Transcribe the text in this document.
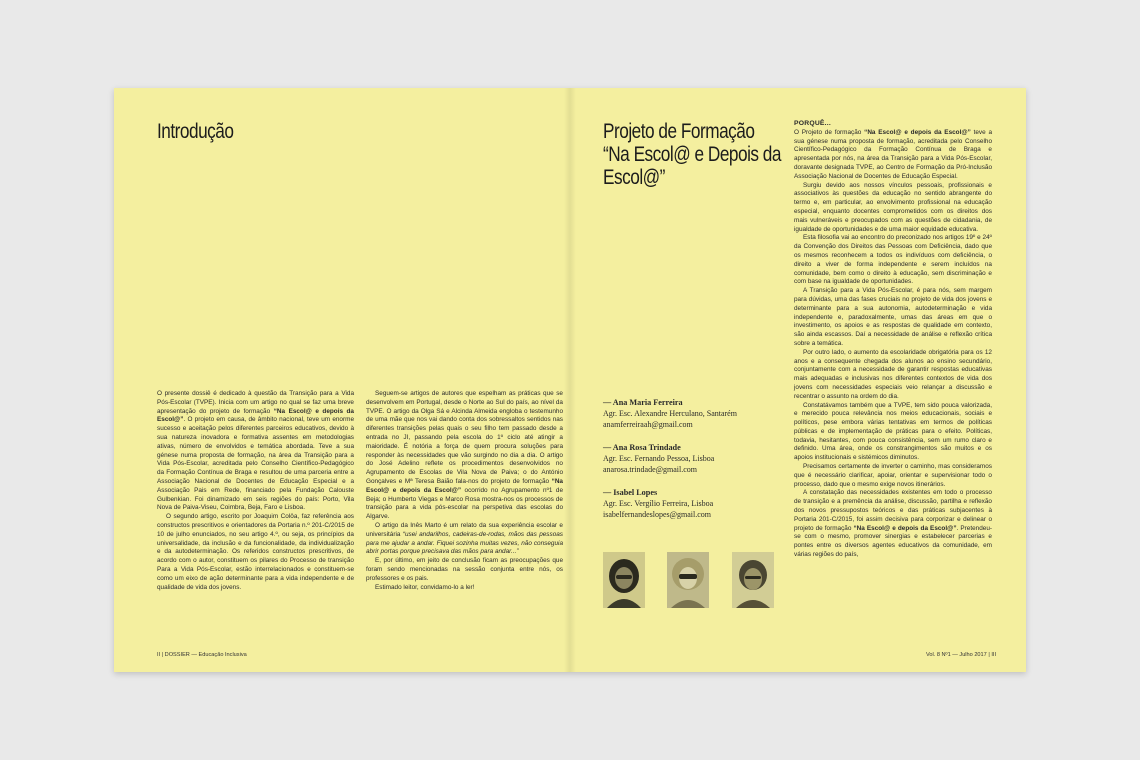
Introdução

O presente dossiê é dedicado à questão da Transição para a Vida Pós-Escolar (TVPE). Inicia com um artigo no qual se faz uma breve apresentação do projeto de formação “Na Escol@ e depois da Escol@”. O projeto em causa, de âmbito nacional, teve um enorme sucesso e aceitação pelos diferentes parceiros educativos, devido à sua natureza inovadora e formativa assentes em metodologias ativas, número de envolvidos e temática abordada. Teve a sua génese numa proposta de formação, na área da Transição para a Vida Pós-Escolar, acreditada pelo Conselho Científico-Pedagógico da Formação Contínua de Braga e resultou de uma parceria entre a Associação Nacional de Docentes de Educação Especial e a Associação Pais em Rede, financiado pela Fundação Calouste Gulbenkian. Foi dinamizado em seis regiões do país: Porto, Vila Nova de Paiva-Viseu, Coimbra, Beja, Faro e Lisboa.

O segundo artigo, escrito por Joaquim Colôa, faz referência aos constructos prescritivos e orientadores da Portaria n.º 201-C/2015 de 10 de julho enunciados, no seu artigo 4.º, ou seja, os princípios da universalidade, da inclusão e da funcionalidade, da individualização e da autodeterminação. Os referidos constructos prescritivos, de acordo com o autor, constituem os pilares do Processo de transição Para a Vida Pós-Escolar, estão interrelacionados e constituem-se como um eixo de ação determinante para a vida independente e de qualidade de vida dos jovens.

Seguem-se artigos de autores que espelham as práticas que se desenvolvem em Portugal, desde o Norte ao Sul do país, ao nível da TVPE. O artigo da Olga Sá e Alcinda Almeida engloba o testemunho de uma mãe que nos vai dando conta dos sobressaltos sentidos nas diferentes transições pelas quais o seu filho tem passado desde a entrada no JI, passando pela escola do 1º ciclo até atingir a maioridade. É notória a força de quem procura soluções para responder às necessidades que vão surgindo no dia a dia. O artigo do José Adelino reflete os procedimentos desenvolvidos no Agrupamento de Escolas de Vila Nova de Paiva; o do António Gonçalves e Mª Teresa Baião fala-nos do projeto de formação “Na Escol@ e depois da Escol@” ocorrido no Agrupamento nº1 de Beja; o Humberto Viegas e Marco Rosa mostra-nos os processos de transição para a vida pós-escolar na perspetiva das escolas do Algarve.

O artigo da Inês Marto é um relato da sua experiência escolar e universitária “usei andarilhos, cadeiras-de-rodas, mãos das pessoas para me ajudar a andar. Fiquei sozinha muitas vezes, não conseguia abrir portas porque precisava das mãos para andar...”

E, por último, em jeito de conclusão ficam as preocupações que foram sendo mencionadas na sessão conjunta entre nós, os professores e os pais.

Estimado leitor, convidamo-lo a ler!

II | DOSSIER — Educação Inclusiva
Projeto de Formação “Na Escol@ e Depois da Escol@”
— Ana Maria Ferreira
Agr. Esc. Alexandre Herculano, Santarém
anamferreiraah@gmail.com
— Ana Rosa Trindade
Agr. Esc. Fernando Pessoa, Lisboa
anarosa.trindade@gmail.com
— Isabel Lopes
Agr. Esc. Vergílio Ferreira, Lisboa
isabelfernandeslopes@gmail.com
PORQUÊ...

O Projeto de formação “Na Escol@ e depois da Escol@” teve a sua génese numa proposta de formação, acreditada pelo Conselho Científico-Pedagógico da Formação Contínua de Braga e apresentada por nós, na área da Transição para a Vida Pós-Escolar, doravante designada TVPE, ao Centro de Formação da Pró-Inclusão Associação Nacional de Docentes de Educação Especial.

Surgiu devido aos nossos vínculos pessoais, profissionais e associativos às questões da educação no sentido abrangente do termo e, em particular, ao envolvimento profissional na educação especial, enquanto docentes comprometidos com os direitos dos mais vulneráveis e preocupados com as questões de cidadania, de igualdade de oportunidades e de uma maior equidade educativa.

Esta filosofia vai ao encontro do preconizado nos artigos 19º e 24º da Convenção dos Direitos das Pessoas com Deficiência, dado que os mesmos reconhecem a todos os indivíduos com deficiência, o direito a viver de forma independente e serem incluídos na comunidade, bem como o direito à educação, sem discriminação e com base na igualdade de oportunidades.

A Transição para a Vida Pós-Escolar, é para nós, sem margem para dúvidas, uma das fases cruciais no projeto de vida dos jovens e determinante para a sua autonomia, autodeterminação e vida independente e, paradoxalmente, umas das áreas em que o investimento, os apoios e as respostas de qualidade em contexto, são ainda escassos. Daí a necessidade de análise e reflexão crítica sobre a temática.

Por outro lado, o aumento da escolaridade obrigatória para os 12 anos e a consequente chegada dos alunos ao ensino secundário, conjuntamente com a necessidade de garantir respostas educativas mais adequadas e inclusivas nos diferentes contextos de vida dos jovens com necessidades especiais veio relançar a discussão e recentrar o assunto na ordem do dia.

Constatávamos também que a TVPE, tem sido pouca valorizada, e merecido pouca relevância nos meios educacionais, sociais e políticos, pese embora várias tentativas em termos de políticas públicas e de implementação de práticas para o efeito. Políticas, todavia, hesitantes, com pouca consistência, sem um rumo claro e definido. Uma área, onde os constrangimentos são muitos e os apoios institucionais e sistémicos diminutos.

Precisamos certamente de inverter o caminho, mas consideramos que é necessário clarificar, apoiar, orientar e supervisionar todo o processo, dado que o mesmo exige novos itinerários.

A constatação das necessidades existentes em todo o processo de transição e a premência da análise, discussão, partilha e reflexão dos novos pressupostos teóricos e das práticas subjacentes à Portaria 201-C/2015, foi assim decisiva para corporizar e delinear o projeto de formação “Na Escol@ e depois da Escol@”. Pretendeu-se com o mesmo, promover sinergias e estabelecer parcerias e pontes entre os diversos agentes educativos da comunidade, em várias regiões do país,

Vol. 8 Nº1 — Julho 2017 | III
